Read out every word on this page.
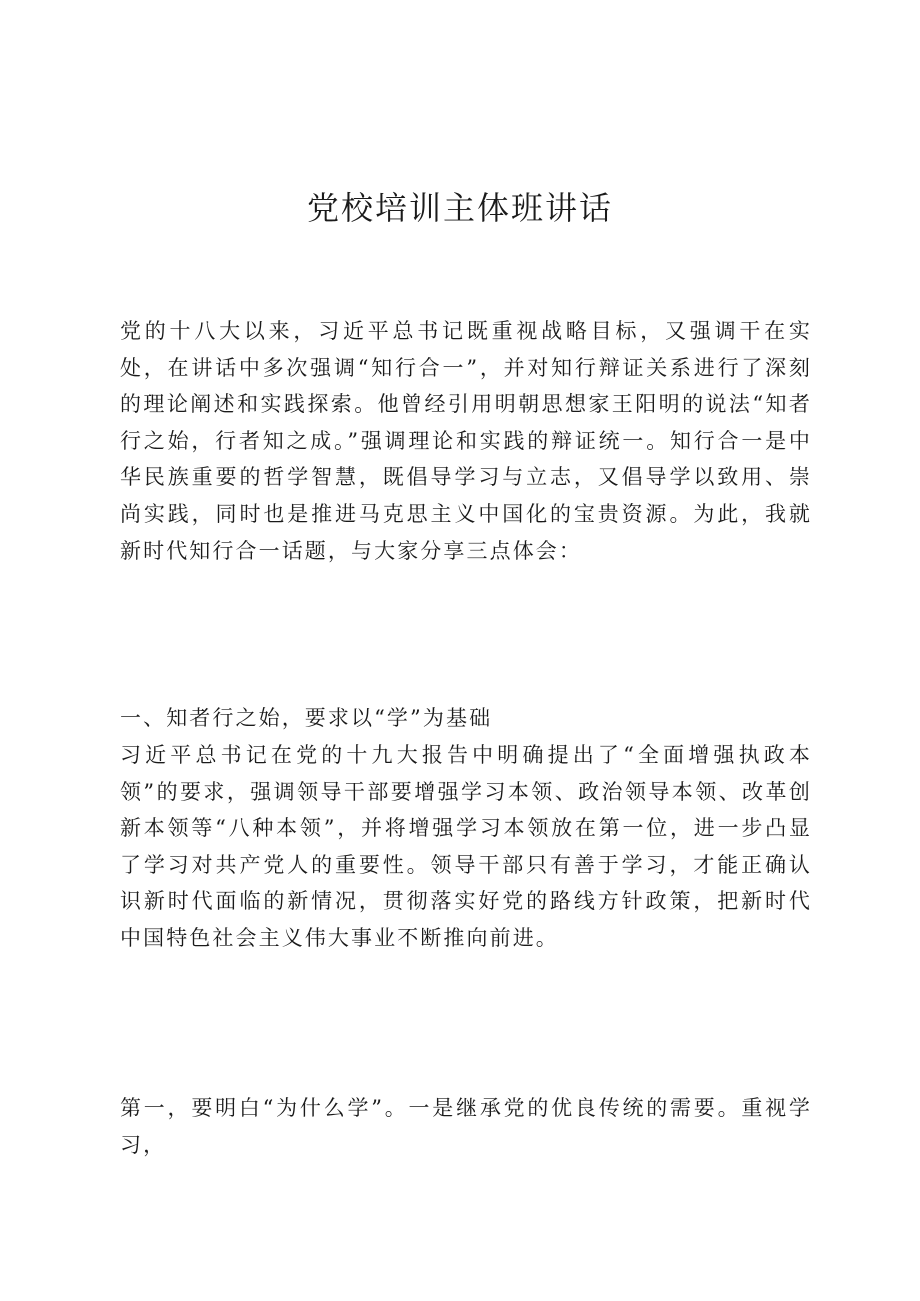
党校培训主体班讲话

党的十八大以来，习近平总书记既重视战略目标，又强调干在实处，在讲话中多次强调“知行合一”，并对知行辩证关系进行了深刻的理论阐述和实践探索。他曾经引用明朝思想家王阳明的说法“知者行之始，行者知之成。”强调理论和实践的辩证统一。知行合一是中华民族重要的哲学智慧，既倡导学习与立志，又倡导学以致用、崇尚实践，同时也是推进马克思主义中国化的宝贵资源。为此，我就新时代知行合一话题，与大家分享三点体会：

一、知者行之始，要求以“学”为基础

习近平总书记在党的十九大报告中明确提出了“全面增强执政本领”的要求，强调领导干部要增强学习本领、政治领导本领、改革创新本领等“八种本领”，并将增强学习本领放在第一位，进一步凸显了学习对共产党人的重要性。领导干部只有善于学习，才能正确认识新时代面临的新情况，贯彻落实好党的路线方针政策，把新时代中国特色社会主义伟大事业不断推向前进。

第一，要明白“为什么学”。一是继承党的优良传统的需要。重视学习，
